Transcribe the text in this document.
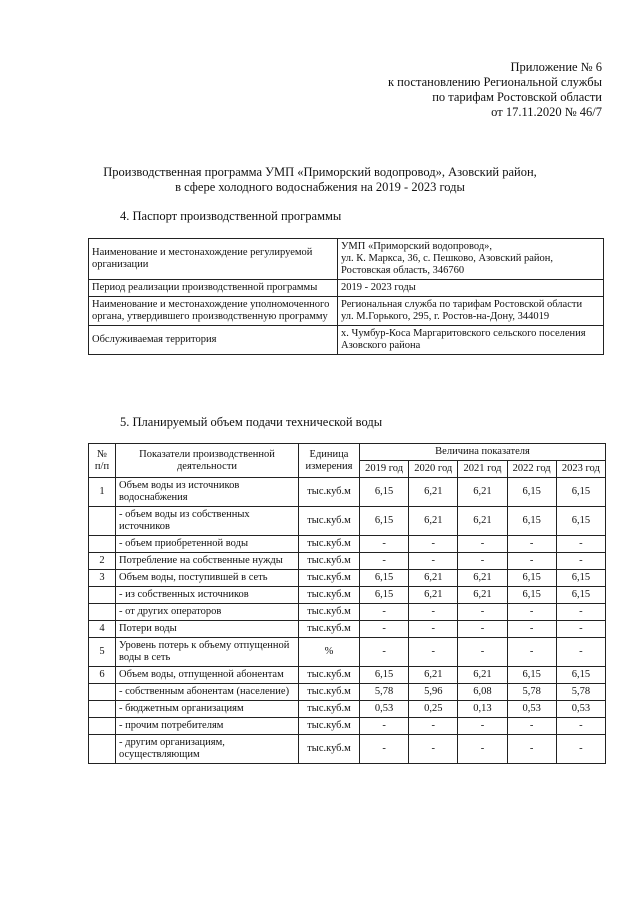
Приложение № 6
к постановлению Региональной службы
по тарифам Ростовской области
от 17.11.2020 № 46/7
Производственная программа УМП «Приморский водопровод», Азовский район,
в сфере холодного водоснабжения на 2019 - 2023 годы
4. Паспорт производственной программы
Наименование и местонахождение регулируемой организации	УМП «Приморский водопровод»,
ул. К. Маркса, 36, с. Пешково, Азовский район,
Ростовская область, 346760

Период реализации производственной программы	2019 - 2023 годы

Наименование и местонахождение уполномоченного органа, утвердившего производственную программу	Региональная служба по тарифам Ростовской области
ул. М.Горького, 295, г. Ростов-на-Дону, 344019

Обслуживаемая территория	х. Чумбур-Коса Маргаритовского сельского поселения Азовского района
5. Планируемый объем подачи технической воды
№ п/п	Показатели производственной деятельности	Единица измерения	Величина показателя				
			2019 год	2020 год	2021 год	2022 год	2023 год
1	Объем воды из источников водоснабжения	тыс.куб.м	6,15	6,21	6,21	6,15	6,15
	- объем воды из собственных источников	тыс.куб.м	6,15	6,21	6,21	6,15	6,15
	- объем приобретенной воды	тыс.куб.м	-	-	-	-	-
2	Потребление на собственные нужды	тыс.куб.м	-	-	-	-	-
3	Объем воды, поступившей в сеть	тыс.куб.м	6,15	6,21	6,21	6,15	6,15
	- из собственных источников	тыс.куб.м	6,15	6,21	6,21	6,15	6,15
	- от других операторов	тыс.куб.м	-	-	-	-	-
4	Потери воды	тыс.куб.м	-	-	-	-	-
5	Уровень потерь к объему отпущенной воды в сеть	%	-	-	-	-	-
6	Объем воды, отпущенной абонентам	тыс.куб.м	6,15	6,21	6,21	6,15	6,15
	- собственным абонентам (население)	тыс.куб.м	5,78	5,96	6,08	5,78	5,78
	- бюджетным организациям	тыс.куб.м	0,53	0,25	0,13	0,53	0,53
	- прочим потребителям	тыс.куб.м	-	-	-	-	-
	- другим организациям, осуществляющим	тыс.куб.м	-	-	-	-	-
